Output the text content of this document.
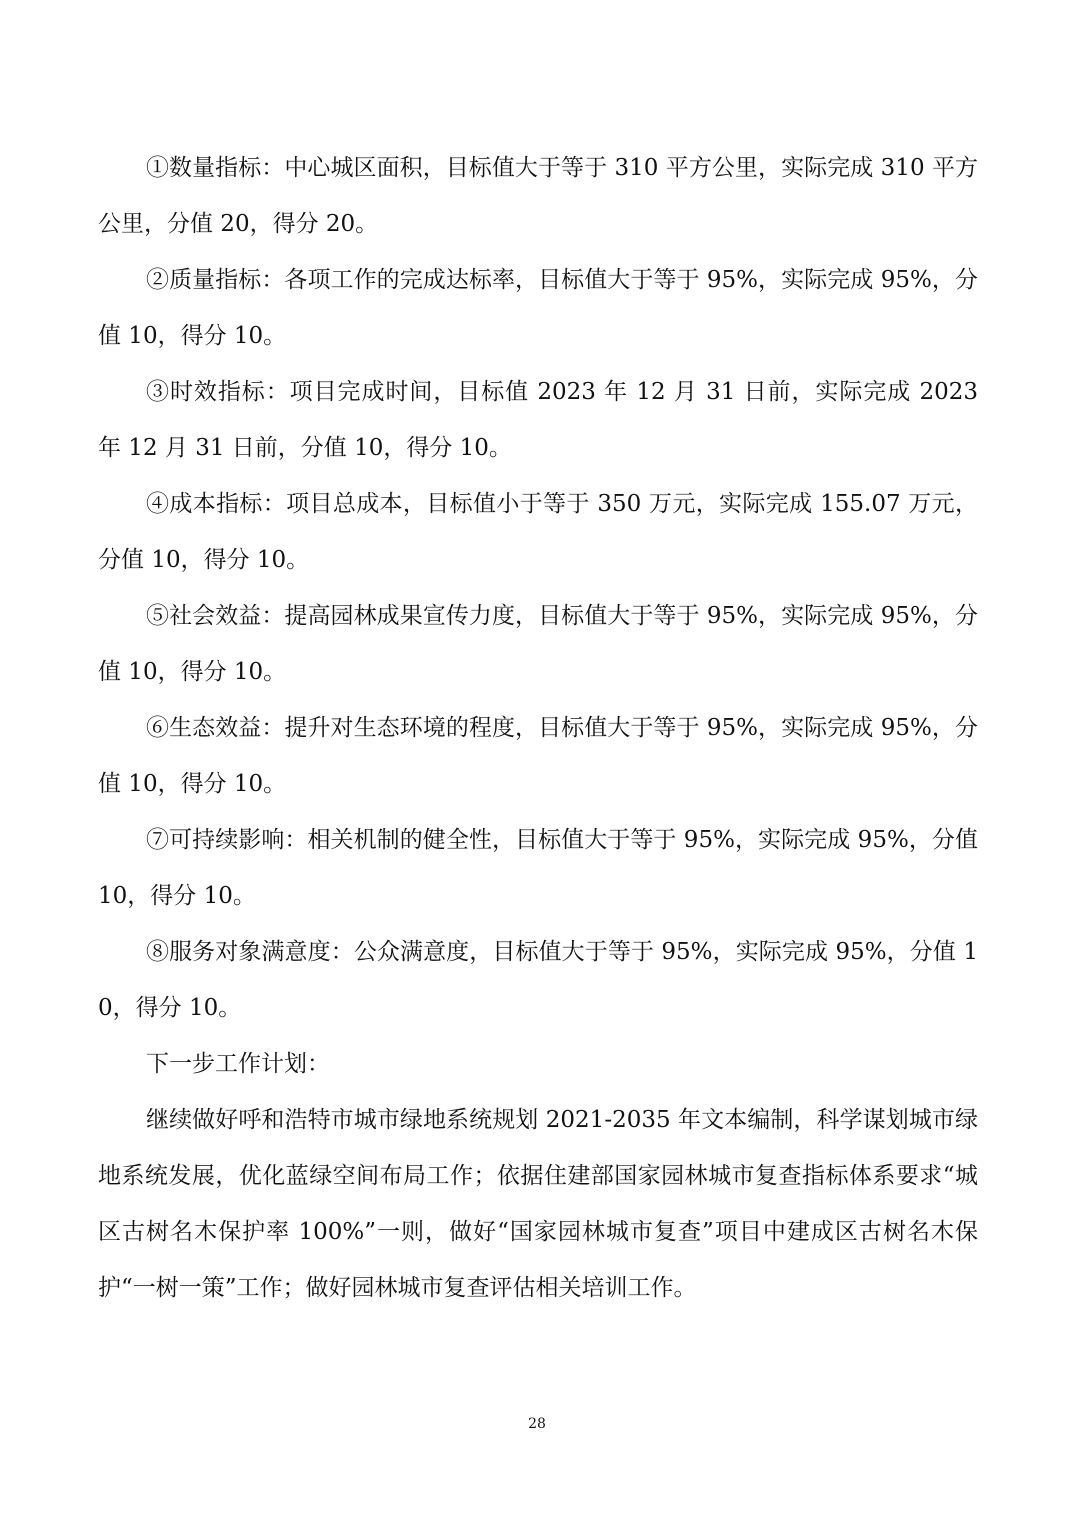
①数量指标：中心城区面积，目标值大于等于 310 平方公里，实际完成 310 平方公里，分值 20，得分 20。

②质量指标：各项工作的完成达标率，目标值大于等于 95%，实际完成 95%，分值 10，得分 10。

③时效指标：项目完成时间，目标值 2023 年 12 月 31 日前，实际完成 2023 年 12 月 31 日前，分值 10，得分 10。

④成本指标：项目总成本，目标值小于等于 350 万元，实际完成 155.07 万元，分值 10，得分 10。

⑤社会效益：提高园林成果宣传力度，目标值大于等于 95%，实际完成 95%，分值 10，得分 10。

⑥生态效益：提升对生态环境的程度，目标值大于等于 95%，实际完成 95%，分值 10，得分 10。

⑦可持续影响：相关机制的健全性，目标值大于等于 95%，实际完成 95%，分值 10，得分 10。

⑧服务对象满意度：公众满意度，目标值大于等于 95%，实际完成 95%，分值 10，得分 10。

下一步工作计划：

继续做好呼和浩特市城市绿地系统规划 2021-2035 年文本编制，科学谋划城市绿地系统发展，优化蓝绿空间布局工作；依据住建部国家园林城市复查指标体系要求“城区古树名木保护率 100%”一则，做好“国家园林城市复查”项目中建成区古树名木保护“一树一策”工作；做好园林城市复查评估相关培训工作。

28
